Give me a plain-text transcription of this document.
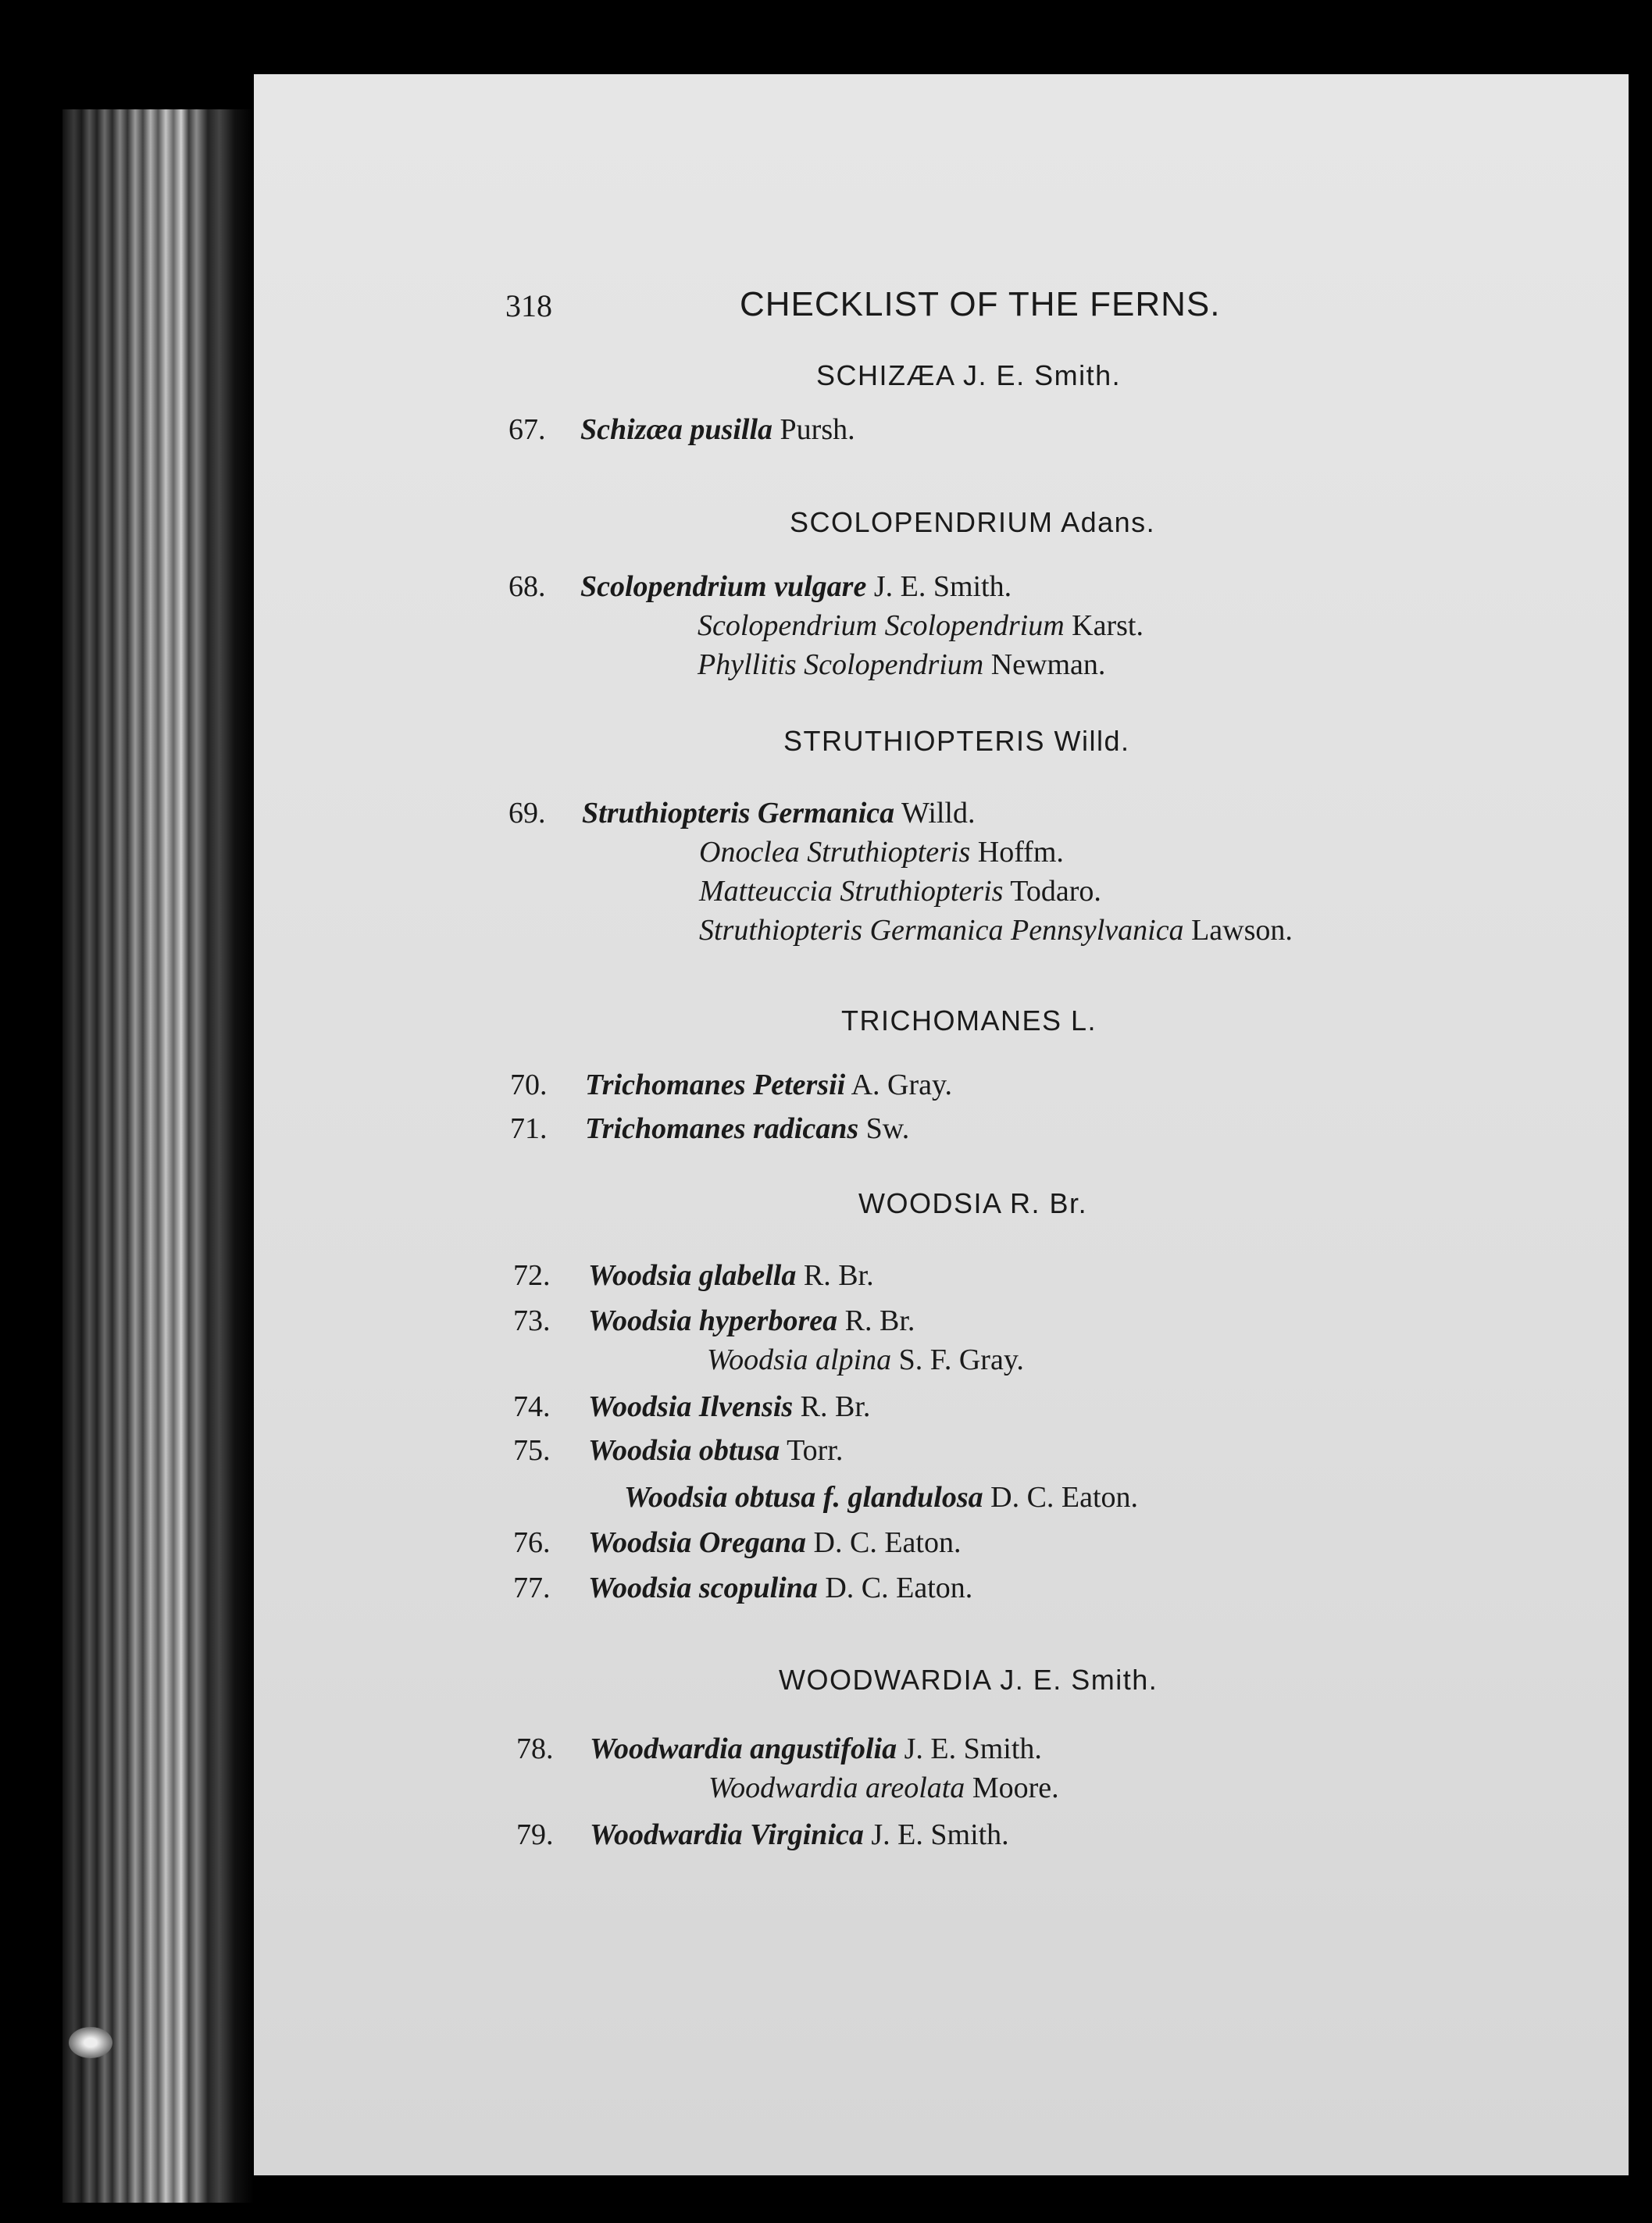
318	CHECKLIST OF THE FERNS.
SCHIZÆA J. E. Smith.
67. Schizæa pusilla Pursh.
SCOLOPENDRIUM Adans.
68. Scolopendrium vulgare J. E. Smith.
Scolopendrium Scolopendrium Karst.
Phyllitis Scolopendrium Newman.
STRUTHIOPTERIS Willd.
69. Struthiopteris Germanica Willd.
Onoclea Struthiopteris Hoffm.
Matteuccia Struthiopteris Todaro.
Struthiopteris Germanica Pennsylvanica Lawson.
TRICHOMANES L.
70. Trichomanes Petersii A. Gray.
71. Trichomanes radicans Sw.
WOODSIA R. Br.
72. Woodsia glabella R. Br.
73. Woodsia hyperborea R. Br.
Woodsia alpina S. F. Gray.
74. Woodsia Ilvensis R. Br.
75. Woodsia obtusa Torr.
Woodsia obtusa f. glandulosa D. C. Eaton.
76. Woodsia Oregana D. C. Eaton.
77. Woodsia scopulina D. C. Eaton.
WOODWARDIA J. E. Smith.
78. Woodwardia angustifolia J. E. Smith.
Woodwardia areolata Moore.
79. Woodwardia Virginica J. E. Smith.
